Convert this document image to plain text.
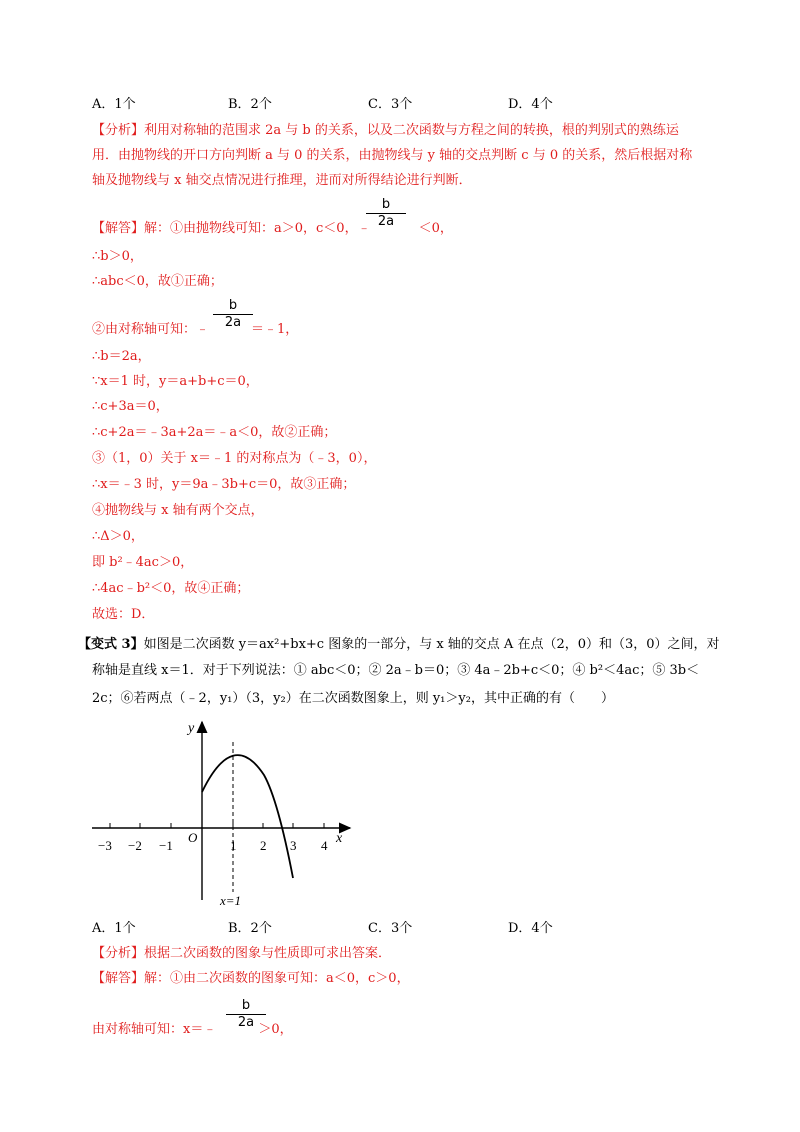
A．1个	B．2个	C．3个	D．4个
【分析】利用对称轴的范围求 2a 与 b 的关系，以及二次函数与方程之间的转换，根的判别式的熟练运
用．由抛物线的开口方向判断 a 与 0 的关系，由抛物线与 y 轴的交点判断 c 与 0 的关系，然后根据对称
轴及抛物线与 x 轴交点情况进行推理，进而对所得结论进行判断．
【解答】解：①由抛物线可知：a＞0，c＜0，﹣	＜0，
b
2a
∴b＞0，
∴abc＜0，故①正确；
②由对称轴可知：﹣	＝﹣1，
b
2a
∴b＝2a，
∵x＝1 时，y＝a+b+c＝0，
∴c+3a＝0，
∴c+2a＝﹣3a+2a＝﹣a＜0，故②正确；
③（1，0）关于 x＝﹣1 的对称点为（﹣3，0），
∴x＝﹣3 时，y＝9a﹣3b+c＝0，故③正确；
④抛物线与 x 轴有两个交点，
∴Δ＞0，
即 b²﹣4ac＞0，
∴4ac﹣b²＜0，故④正确；
故选：D．
【变式 3】如图是二次函数 y＝ax²+bx+c 图象的一部分，与 x 轴的交点 A 在点（2，0）和（3，0）之间，对
称轴是直线 x＝1．对于下列说法：① abc＜0；② 2a﹣b＝0；③ 4a﹣2b+c＜0；④ b²＜4ac；⑤ 3b＜
2c；⑥若两点（﹣2，y₁）（3，y₂）在二次函数图象上，则 y₁＞y₂，其中正确的有（　　）
−3 −2 −1	1 2 3 4
O
y
x
x=1
A．1个	B．2个	C．3个	D．4个
【分析】根据二次函数的图象与性质即可求出答案．
【解答】解：①由二次函数的图象可知：a＜0，c＞0，
由对称轴可知：x＝﹣	＞0，
b
2a
